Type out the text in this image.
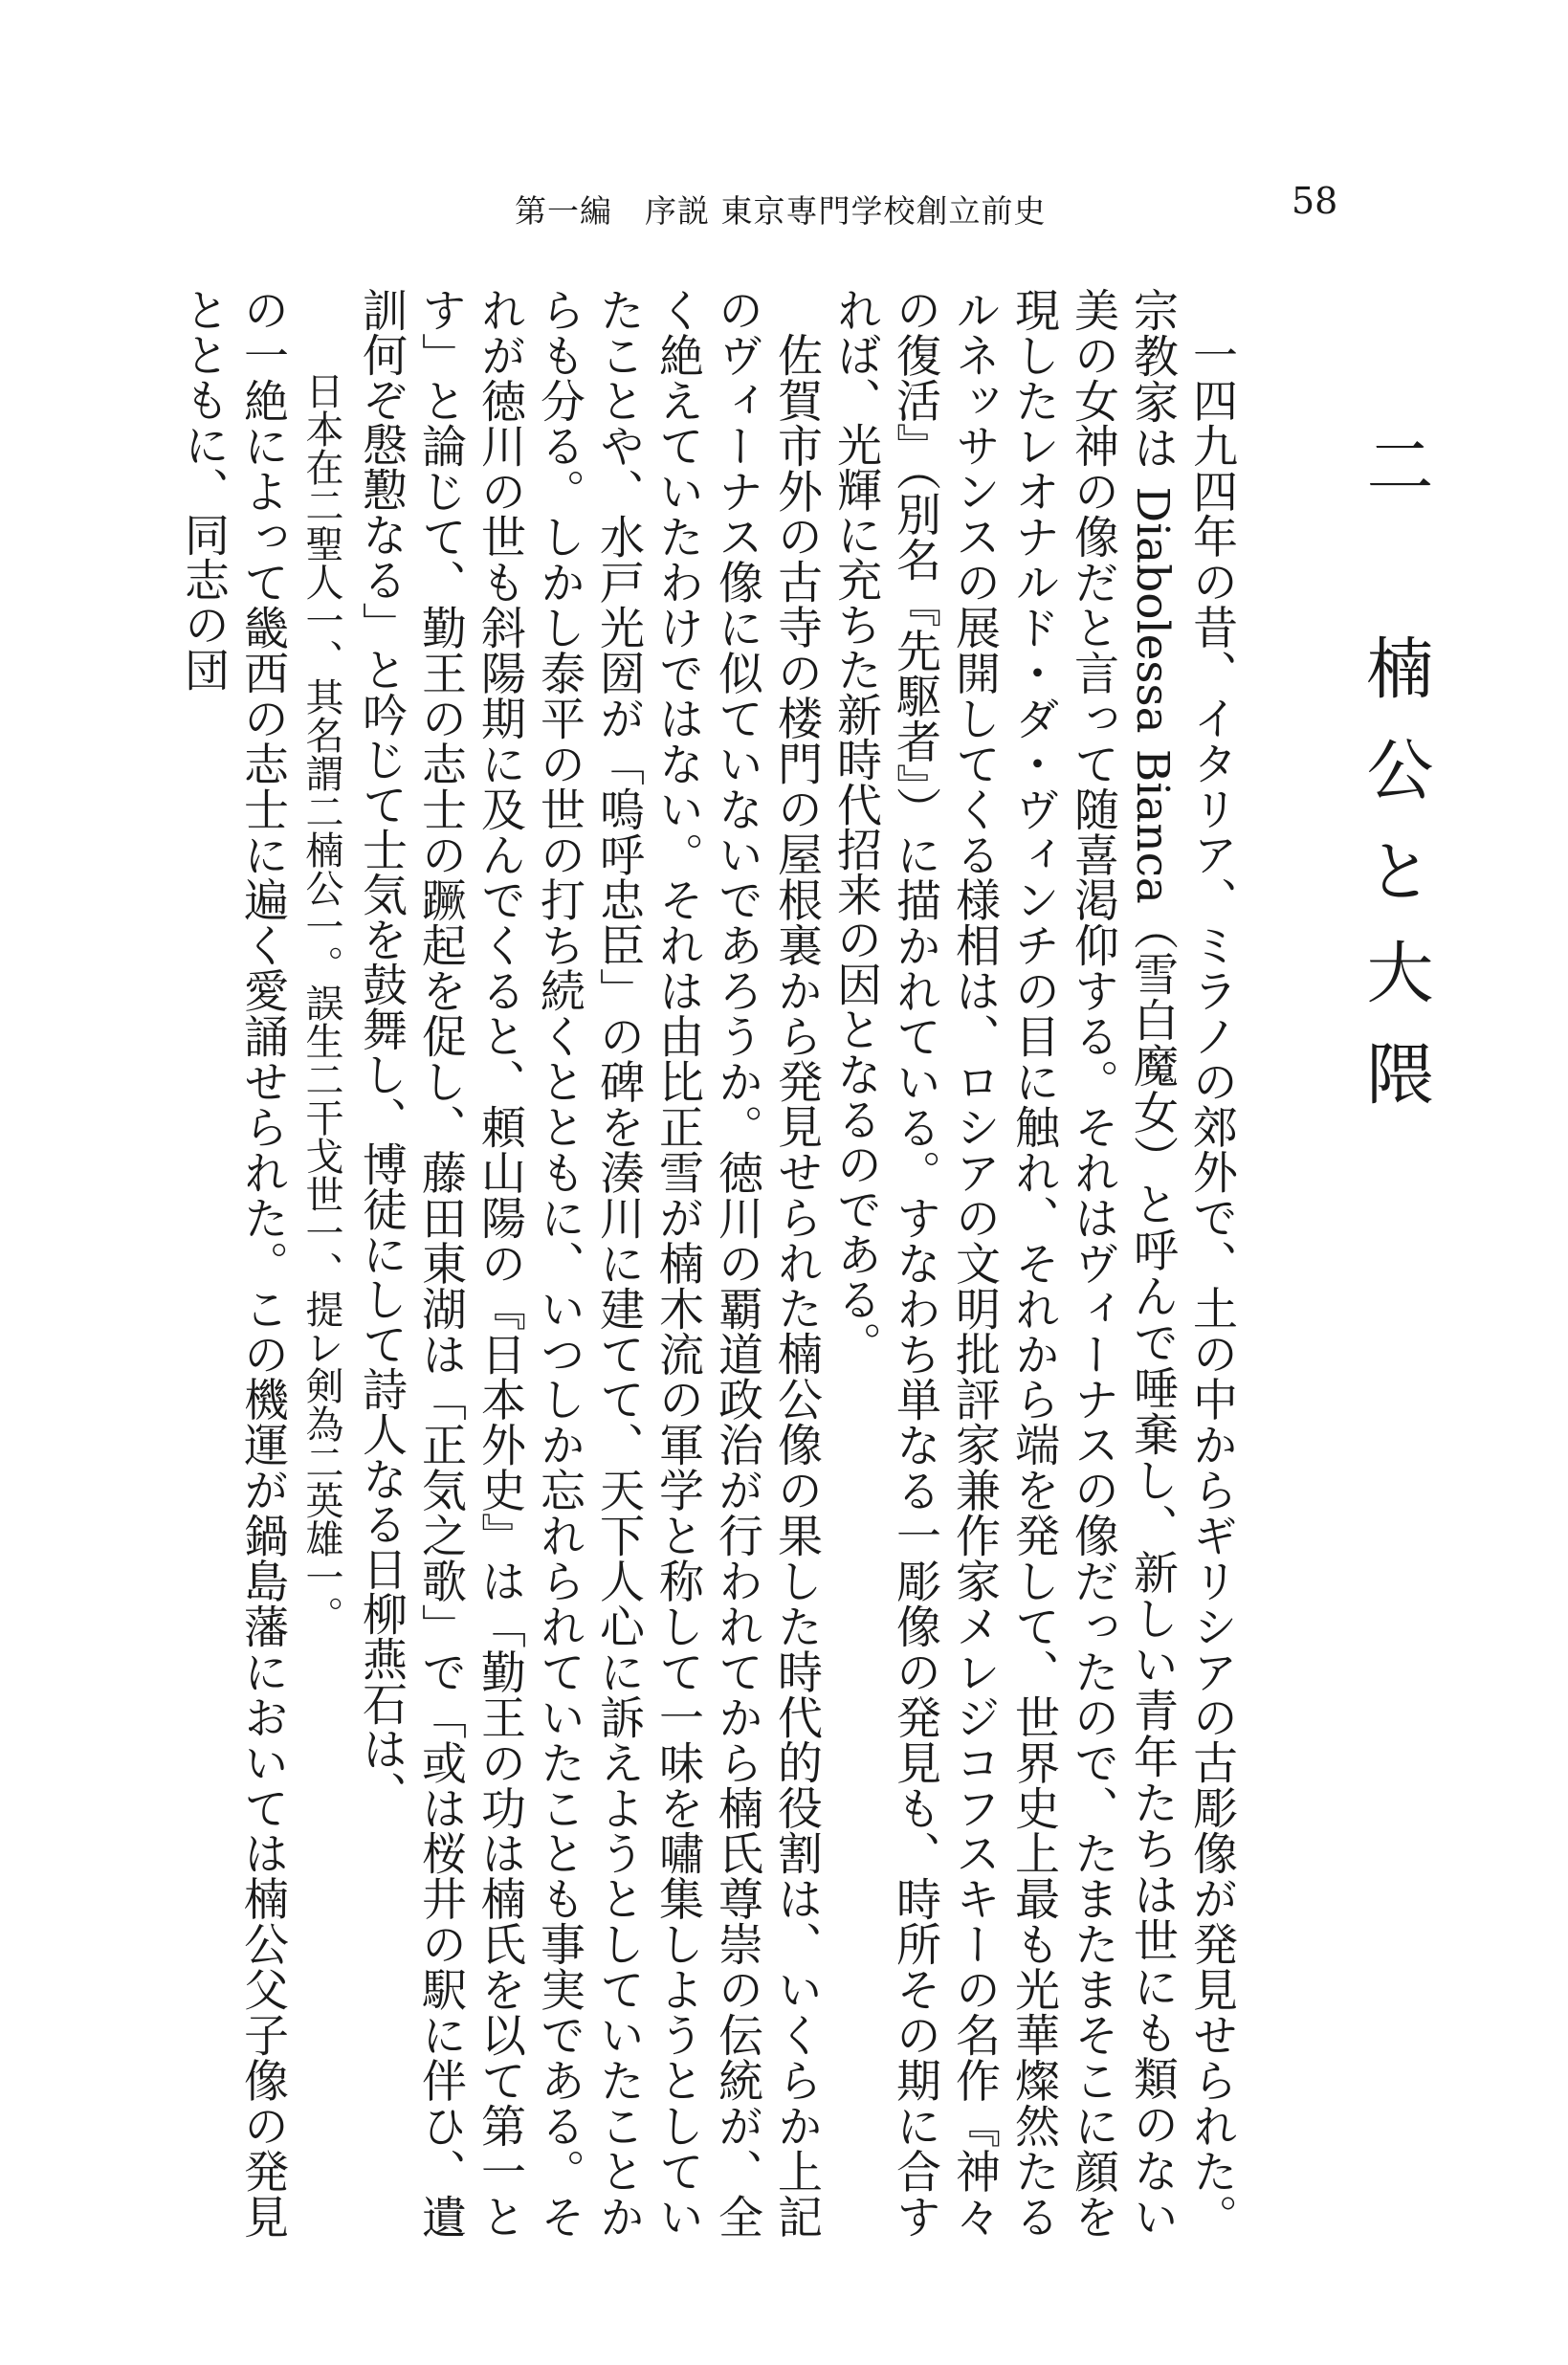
第一編　序説 東京専門学校創立前史	58
二　楠公と大隈

一四九四年の昔、イタリア、ミラノの郊外で、土の中からギリシアの古彫像が発見せられた。宗教家は Diabolessa Bianca（雪白魔女）と呼んで唾棄し、新しい青年たちは世にも類のない美の女神の像だと言って随喜渇仰する。それはヴィーナスの像だったので、たまたまそこに顔を現したレオナルド・ダ・ヴィンチの目に触れ、それから端を発して、世界史上最も光華燦然たるルネッサンスの展開してくる様相は、ロシアの文明批評家兼作家メレジコフスキーの名作『神々の復活』（別名『先駆者』）に描かれている。すなわち単なる一彫像の発見も、時所その期に合すれば、光輝に充ちた新時代招来の因となるのである。

佐賀市外の古寺の楼門の屋根裏から発見せられた楠公像の果した時代的役割は、いくらか上記のヴィーナス像に似ていないであろうか。徳川の覇道政治が行われてから楠氏尊崇の伝統が、全く絶えていたわけではない。それは由比正雪が楠木流の軍学と称して一味を嘯集しようとしていたことや、水戸光圀が「嗚呼忠臣」の碑を湊川に建てて、天下人心に訴えようとしていたことからも分る。しかし泰平の世の打ち続くとともに、いつしか忘れられていたことも事実である。それが徳川の世も斜陽期に及んでくると、頼山陽の『日本外史』は「勤王の功は楠氏を以て第一とす」と論じて、勤王の志士の蹶起を促し、藤田東湖は「正気之歌」で「或は桜井の駅に伴ひ、遺訓何ぞ慇懃なる」と吟じて士気を鼓舞し、博徒にして詩人なる日柳燕石は、

日本在二聖人一、其名謂二楠公一。誤生二干戈世一、提レ剣為二英雄一。

の一絶によって畿西の志士に遍く愛誦せられた。この機運が鍋島藩においては楠公父子像の発見とともに、同志の団
